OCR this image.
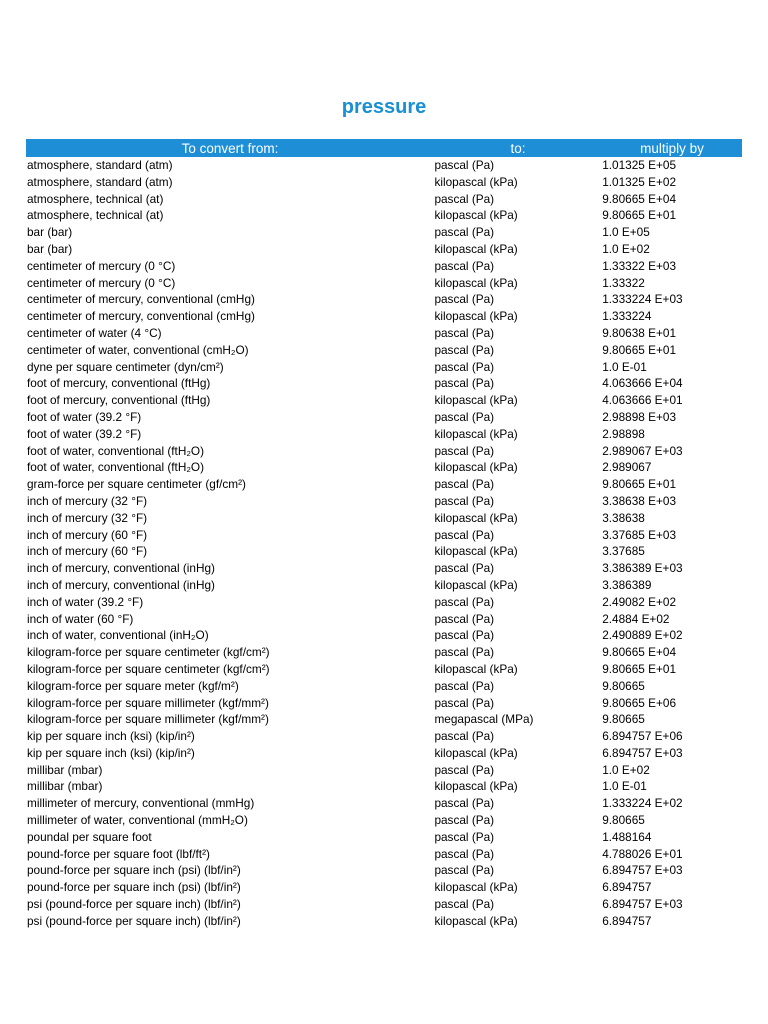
pressure
To convert from:	to:	multiply by
atmosphere, standard (atm)	pascal (Pa)	1.01325 E+05
atmosphere, standard (atm)	kilopascal (kPa)	1.01325 E+02
atmosphere, technical (at)	pascal (Pa)	9.80665 E+04
atmosphere, technical (at)	kilopascal (kPa)	9.80665 E+01
bar (bar)	pascal (Pa)	1.0 E+05
bar (bar)	kilopascal (kPa)	1.0 E+02
centimeter of mercury (0 °C)	pascal (Pa)	1.33322 E+03
centimeter of mercury (0 °C)	kilopascal (kPa)	1.33322
centimeter of mercury, conventional (cmHg)	pascal (Pa)	1.333224 E+03
centimeter of mercury, conventional (cmHg)	kilopascal (kPa)	1.333224
centimeter of water (4 °C)	pascal (Pa)	9.80638 E+01
centimeter of water, conventional (cmH₂O)	pascal (Pa)	9.80665 E+01
dyne per square centimeter (dyn/cm²)	pascal (Pa)	1.0 E-01
foot of mercury, conventional (ftHg)	pascal (Pa)	4.063666 E+04
foot of mercury, conventional (ftHg)	kilopascal (kPa)	4.063666 E+01
foot of water (39.2 °F)	pascal (Pa)	2.98898 E+03
foot of water (39.2 °F)	kilopascal (kPa)	2.98898
foot of water, conventional (ftH₂O)	pascal (Pa)	2.989067 E+03
foot of water, conventional (ftH₂O)	kilopascal (kPa)	2.989067
gram-force per square centimeter (gf/cm²)	pascal (Pa)	9.80665 E+01
inch of mercury (32 °F)	pascal (Pa)	3.38638 E+03
inch of mercury (32 °F)	kilopascal (kPa)	3.38638
inch of mercury (60 °F)	pascal (Pa)	3.37685 E+03
inch of mercury (60 °F)	kilopascal (kPa)	3.37685
inch of mercury, conventional (inHg)	pascal (Pa)	3.386389 E+03
inch of mercury, conventional (inHg)	kilopascal (kPa)	3.386389
inch of water (39.2 °F)	pascal (Pa)	2.49082 E+02
inch of water (60 °F)	pascal (Pa)	2.4884 E+02
inch of water, conventional (inH₂O)	pascal (Pa)	2.490889 E+02
kilogram-force per square centimeter (kgf/cm²)	pascal (Pa)	9.80665 E+04
kilogram-force per square centimeter (kgf/cm²)	kilopascal (kPa)	9.80665 E+01
kilogram-force per square meter (kgf/m²)	pascal (Pa)	9.80665
kilogram-force per square millimeter (kgf/mm²)	pascal (Pa)	9.80665 E+06
kilogram-force per square millimeter (kgf/mm²)	megapascal (MPa)	9.80665
kip per square inch (ksi) (kip/in²)	pascal (Pa)	6.894757 E+06
kip per square inch (ksi) (kip/in²)	kilopascal (kPa)	6.894757 E+03
millibar (mbar)	pascal (Pa)	1.0 E+02
millibar (mbar)	kilopascal (kPa)	1.0 E-01
millimeter of mercury, conventional (mmHg)	pascal (Pa)	1.333224 E+02
millimeter of water, conventional (mmH₂O)	pascal (Pa)	9.80665
poundal per square foot	pascal (Pa)	1.488164
pound-force per square foot (lbf/ft²)	pascal (Pa)	4.788026 E+01
pound-force per square inch (psi) (lbf/in²)	pascal (Pa)	6.894757 E+03
pound-force per square inch (psi) (lbf/in²)	kilopascal (kPa)	6.894757
psi (pound-force per square inch) (lbf/in²)	pascal (Pa)	6.894757 E+03
psi (pound-force per square inch) (lbf/in²)	kilopascal (kPa)	6.894757
